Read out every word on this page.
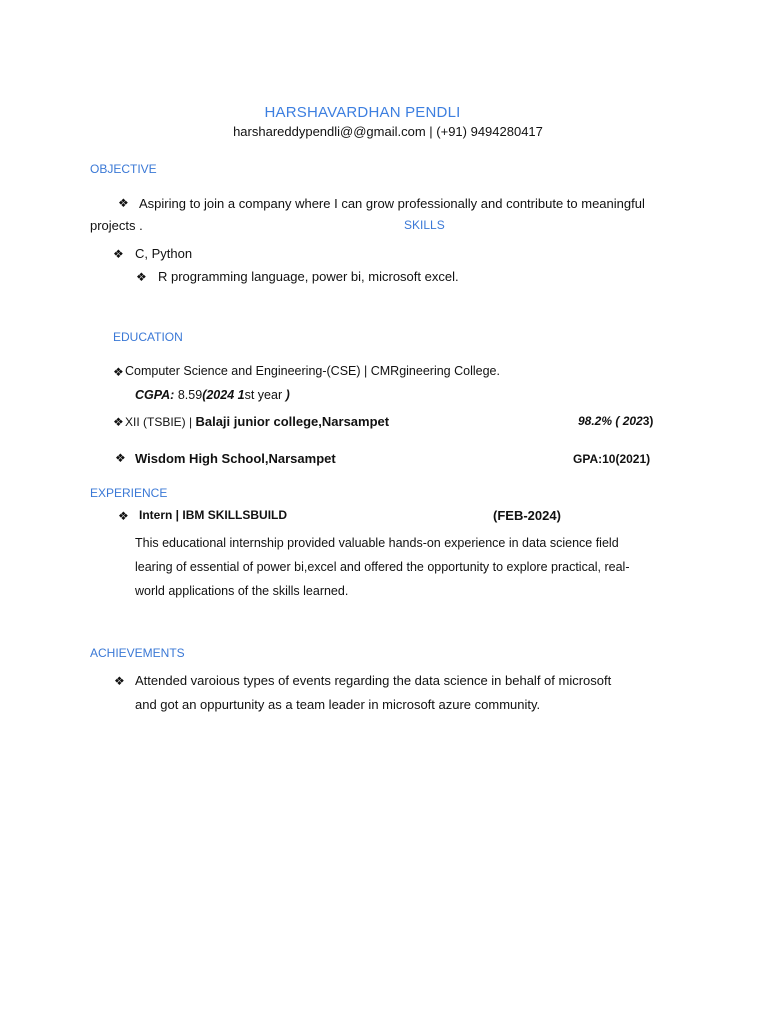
HARSHAVARDHAN PENDLI
harshareddypendli@@gmail.com | (+91) 9494280417
OBJECTIVE
❖ Aspiring to join a company where I can grow professionally and contribute to meaningful
projects .	SKILLS
❖ C, Python
❖ R programming language, power bi, microsoft excel.
EDUCATION
❖ Computer Science and Engineering-(CSE) | CMRgineering College.
CGPA: 8.59(2024 1st year )
❖ XII (TSBIE) | Balaji junior college,Narsampet	98.2% ( 2023)
❖ Wisdom High School,Narsampet	GPA:10(2021)
EXPERIENCE
❖ Intern | IBM SKILLSBUILD	(FEB-2024)
This educational internship provided valuable hands-on experience in data science field
learing of essential of power bi,excel and offered the opportunity to explore practical, real-
world applications of the skills learned.
ACHIEVEMENTS
❖ Attended varoious types of events regarding the data science in behalf of microsoft
and got an oppurtunity as a team leader in microsoft azure community.
